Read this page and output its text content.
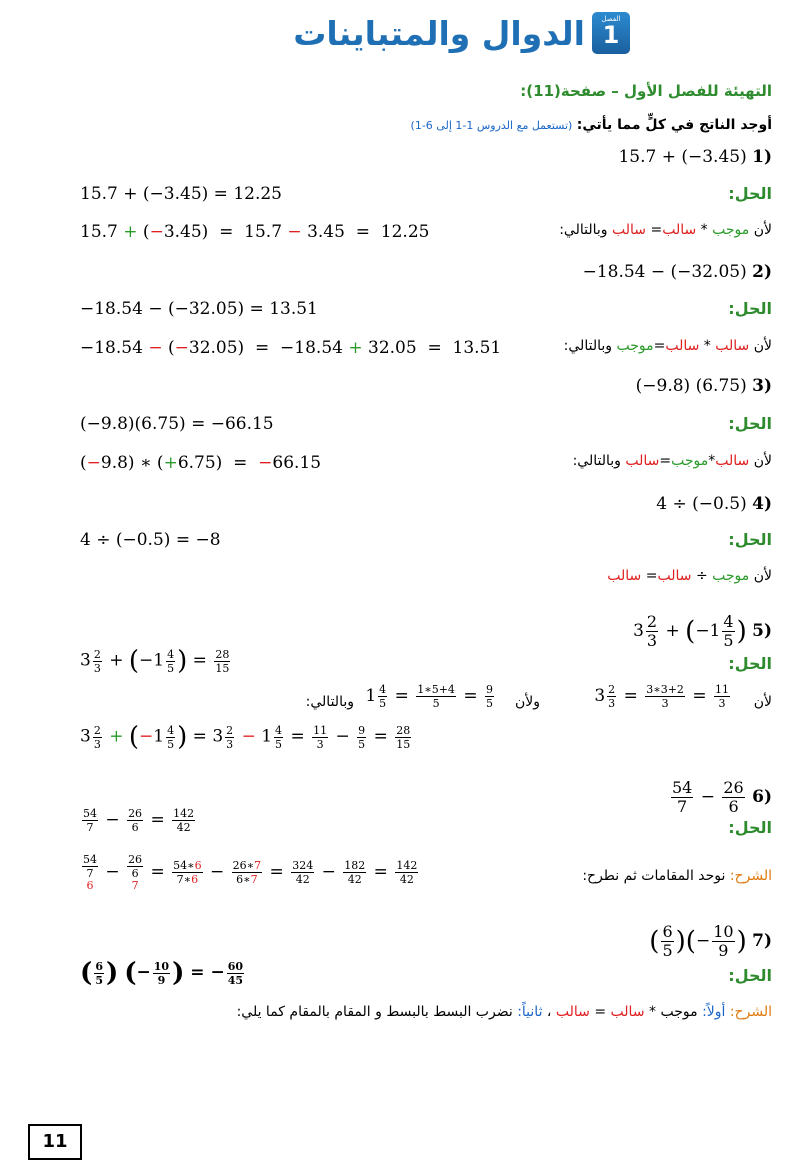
الفصل
1
الدوال والمتباينات
التهيئة للفصل الأول – صفحة(11):
أوجد الناتج في كلٍّ مما يأتي: (تستعمل مع الدروس 1-1 إلى 6-1)
15.7 + (−3.45) 1)
الحل:
15.7 + (−3.45) = 12.25
لأن موجب * سالب= سالب وبالتالي:
15.7 + (−3.45)  =  15.7 − 3.45  =  12.25
−18.54 − (−32.05) 2)
الحل:
−18.54 − (−32.05) = 13.51
لأن سالب * سالب=موجب وبالتالي:
−18.54 − (−32.05)  =  −18.54 + 32.05  =  13.51
(−9.8) (6.75) 3)
الحل:
(−9.8)(6.75) = −66.15
لأن سالب*موجب=سالب وبالتالي:
(−9.8) ∗ (+6.75)  =  −66.15
4 ÷ (−0.5) 4)
الحل:
4 ÷ (−0.5) = −8
لأن موجب ÷ سالب= سالب
$3 \frac{2}{3} + (-1 \frac{4}{5}$ ) 5)
الحل:
$3 \frac{2}{3} + (-1 \frac{4}{5}$ ) = $\frac{28}{15}$
لأن
$3 \frac{2}{3} = \frac{3∗3+2}{3} = \frac{11}{3}$
ولأن
$1 \frac{4}{5} = \frac{1∗5+4}{5} = \frac{9}{5}$
وبالتالي:
$3 \frac{2}{3} + (-1 \frac{4}{5}$ ) = $3 \frac{2}{3} - 1 \frac{4}{5} = \frac{11}{3} - \frac{9}{5} = \frac{28}{15}$
$\frac{54}{7} - \frac{26}{6} 6$)
الحل:
$\frac{54}{7} - \frac{26}{6} = \frac{142}{42}$
الشرح: نوحد المقامات ثم نطرح:
54
7
6
−
26
6
7
= $\frac{54∗6}{7∗6} - \frac{26∗7}{6∗7} = \frac{324}{42} - \frac{182}{42} = \frac{142}{42}$
( $\frac{6}{5}$ )(− $\frac{10}{9}$ ) 7)
الحل:
( $\frac{6}{5}$ ) (− $\frac{10}{9}$ ) = − $\frac{60}{45}$
الشرح: أولاً: موجب * سالب = سالب ، ثانياً: نضرب البسط بالبسط و المقام بالمقام كما يلي:
11
